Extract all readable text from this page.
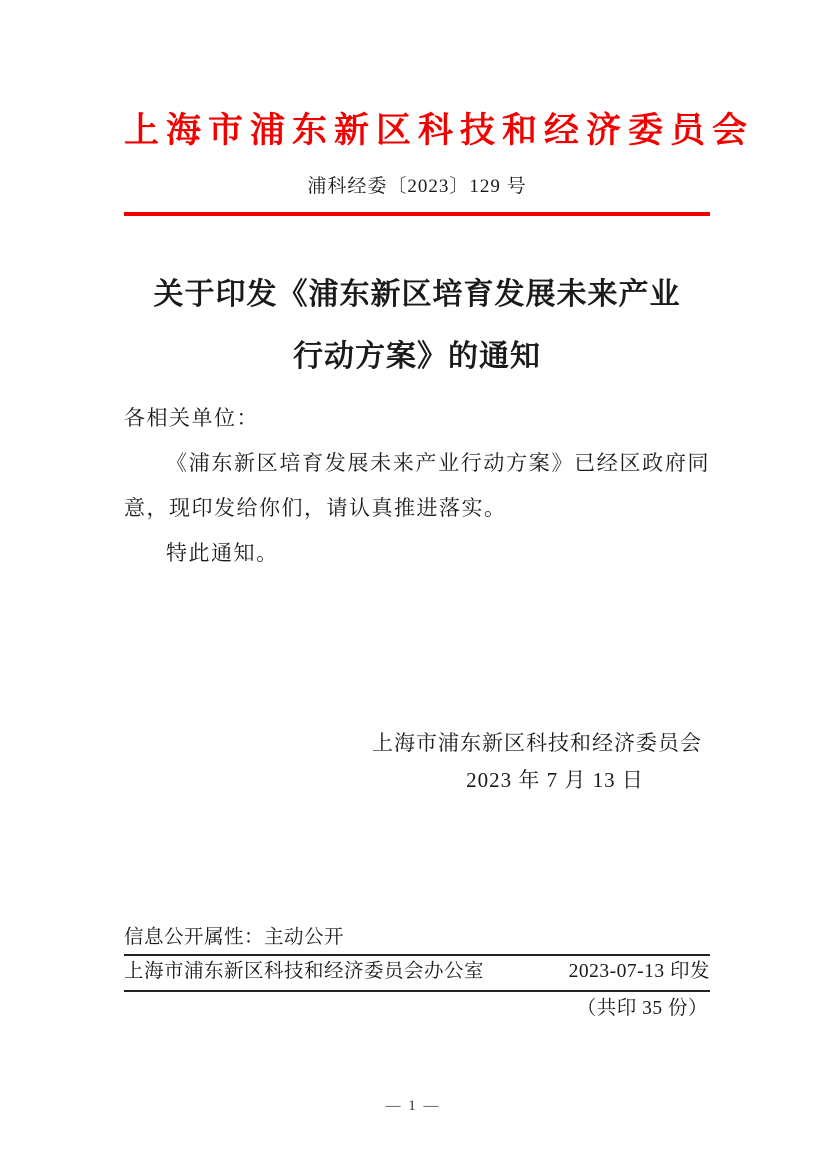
上海市浦东新区科技和经济委员会
浦科经委〔2023〕129 号
关于印发《浦东新区培育发展未来产业
行动方案》的通知

各相关单位：

《浦东新区培育发展未来产业行动方案》已经区政府同意，现印发给你们，请认真推进落实。

特此通知。

上海市浦东新区科技和经济委员会
2023 年 7 月 13 日
信息公开属性：主动公开
上海市浦东新区科技和经济委员会办公室	2023-07-13 印发
（共印 35 份）
— 1 —
